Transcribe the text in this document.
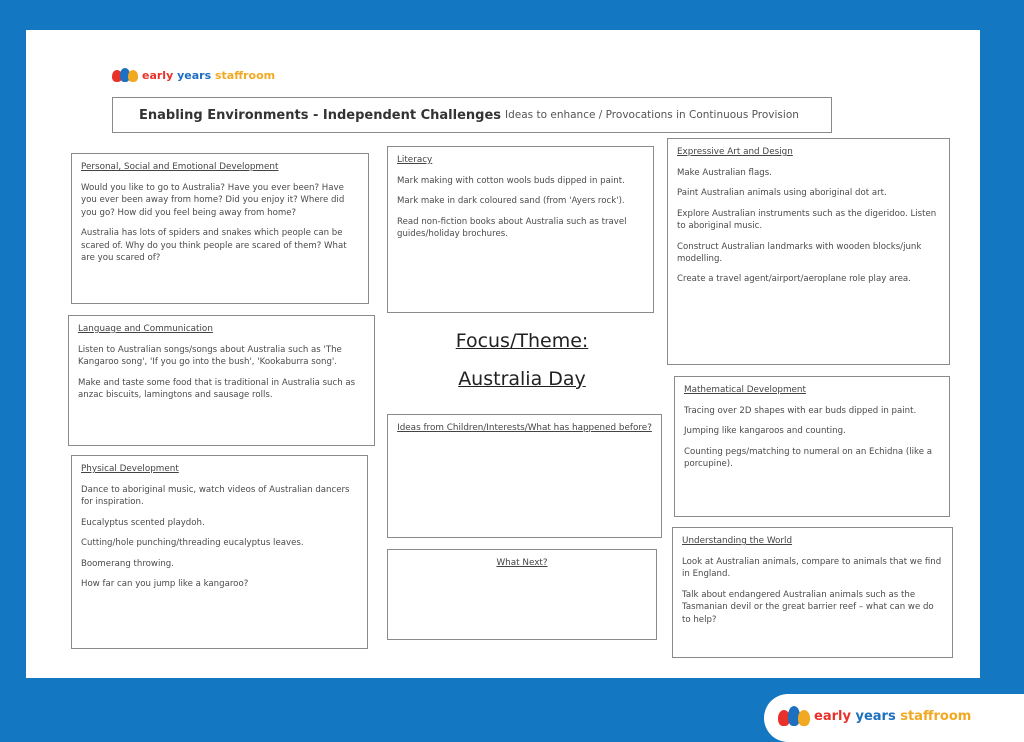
early years staffroom
Enabling Environments - Independent Challenges Ideas to enhance / Provocations in Continuous Provision
Personal, Social and Emotional Development

Would you like to go to Australia? Have you ever been? Have you ever been away from home? Did you enjoy it? Where did you go? How did you feel being away from home?

Australia has lots of spiders and snakes which people can be scared of. Why do you think people are scared of them? What are you scared of?

Literacy

Mark making with cotton wools buds dipped in paint.

Mark make in dark coloured sand (from 'Ayers rock').

Read non-fiction books about Australia such as travel guides/holiday brochures.

Expressive Art and Design

Make Australian flags.

Paint Australian animals using aboriginal dot art.

Explore Australian instruments such as the digeridoo. Listen to aboriginal music.

Construct Australian landmarks with wooden blocks/junk modelling.

Create a travel agent/airport/aeroplane role play area.

Language and Communication

Listen to Australian songs/songs about Australia such as 'The Kangaroo song', 'If you go into the bush', 'Kookaburra song'.

Make and taste some food that is traditional in Australia such as anzac biscuits, lamingtons and sausage rolls.

Focus/Theme:
Australia Day	Mathematical Development

Tracing over 2D shapes with ear buds dipped in paint.

Jumping like kangaroos and counting.

Counting pegs/matching to numeral on an Echidna (like a porcupine).

Ideas from Children/Interests/What has happened before?
Physical Development

Dance to aboriginal music, watch videos of Australian dancers for inspiration.

Eucalyptus scented playdoh.

Cutting/hole punching/threading eucalyptus leaves.

Boomerang throwing.

How far can you jump like a kangaroo?

Understanding the World

Look at Australian animals, compare to animals that we find in England.

Talk about endangered Australian animals such as the Tasmanian devil or the great barrier reef – what can we do to help?

What Next?
early years staffroom
